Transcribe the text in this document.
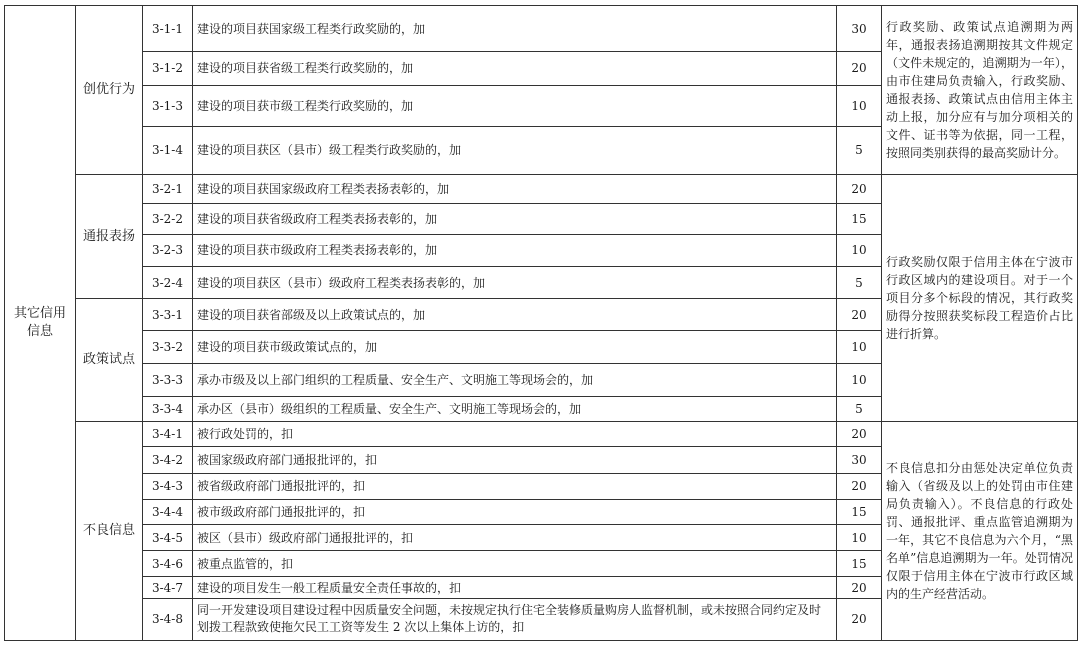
其它信用
信息	创优行为	3-1-1	建设的项目获国家级工程类行政奖励的，加	30	行政奖励、政策试点追溯期为两年，通报表扬追溯期按其文件规定（文件未规定的，追溯期为一年），由市住建局负责输入，行政奖励、通报表扬、政策试点由信用主体主动上报，加分应有与加分项相关的文件、证书等为依据，同一工程，按照同类别获得的最高奖励计分。

		3-1-2	建设的项目获省级工程类行政奖励的，加	20	
		3-1-3	建设的项目获市级工程类行政奖励的，加	10	
		3-1-4	建设的项目获区（县市）级工程类行政奖励的，加	5	
	通报表扬	3-2-1	建设的项目获国家级政府工程类表扬表彰的，加	20	行政奖励仅限于信用主体在宁波市行政区域内的建设项目。对于一个项目分多个标段的情况，其行政奖励得分按照获奖标段工程造价占比进行折算。

		3-2-2	建设的项目获省级政府工程类表扬表彰的，加	15	
		3-2-3	建设的项目获市级政府工程类表扬表彰的，加	10	
		3-2-4	建设的项目获区（县市）级政府工程类表扬表彰的，加	5	
	政策试点	3-3-1	建设的项目获省部级及以上政策试点的，加	20	
		3-3-2	建设的项目获市级政策试点的，加	10	
		3-3-3	承办市级及以上部门组织的工程质量、安全生产、文明施工等现场会的，加	10	
		3-3-4	承办区（县市）级组织的工程质量、安全生产、文明施工等现场会的，加	5	
	不良信息	3-4-1	被行政处罚的，扣	20	不良信息扣分由惩处决定单位负责输入（省级及以上的处罚由市住建局负责输入）。不良信息的行政处罚、通报批评、重点监管追溯期为一年，其它不良信息为六个月，“黑名单”信息追溯期为一年。处罚情况仅限于信用主体在宁波市行政区域内的生产经营活动。

		3-4-2	被国家级政府部门通报批评的，扣	30	
		3-4-3	被省级政府部门通报批评的，扣	20	
		3-4-4	被市级政府部门通报批评的，扣	15	
		3-4-5	被区（县市）级政府部门通报批评的，扣	10	
		3-4-6	被重点监管的，扣	15	
		3-4-7	建设的项目发生一般工程质量安全责任事故的，扣	20	
		3-4-8	同一开发建设项目建设过程中因质量安全问题，未按规定执行住宅全装修质量购房人监督机制，或未按照合同约定及时划拨工程款致使拖欠民工工资等发生 2 次以上集体上访的，扣	20	
